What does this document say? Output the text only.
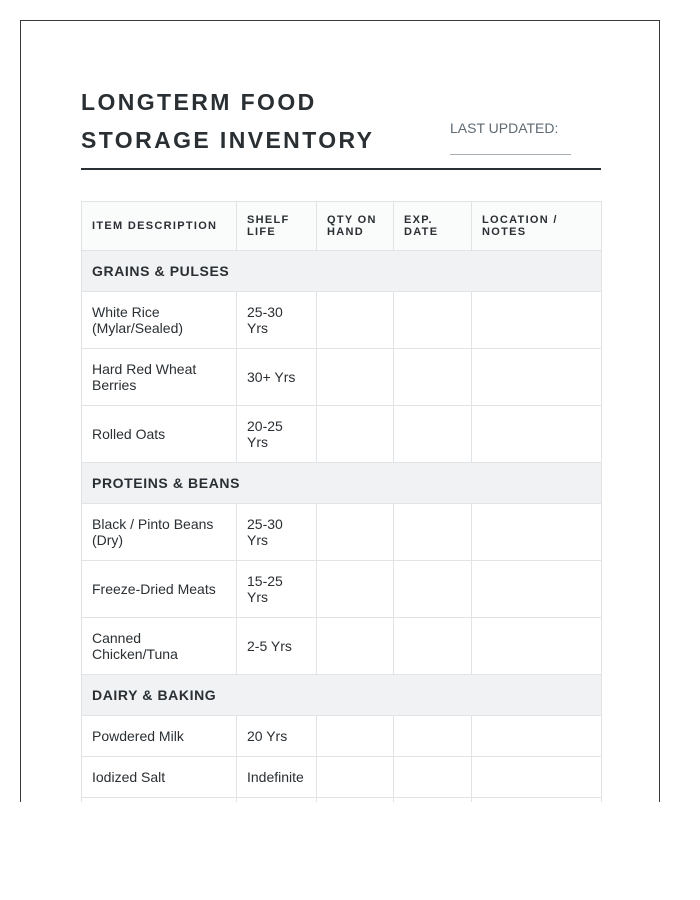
LONGTERM FOOD
STORAGE INVENTORY	LAST UPDATED:
ITEM DESCRIPTION	SHELF LIFE	QTY ON HAND	EXP. DATE	LOCATION / NOTES
GRAINS & PULSES				
White Rice (Mylar/Sealed)	25-30 Yrs			
Hard Red Wheat Berries	30+ Yrs			
Rolled Oats	20-25 Yrs			
PROTEINS & BEANS				
Black / Pinto Beans (Dry)	25-30 Yrs			
Freeze-Dried Meats	15-25 Yrs			
Canned Chicken/Tuna	2-5 Yrs			
DAIRY & BAKING				
Powdered Milk	20 Yrs			
Iodized Salt	Indefinite			
